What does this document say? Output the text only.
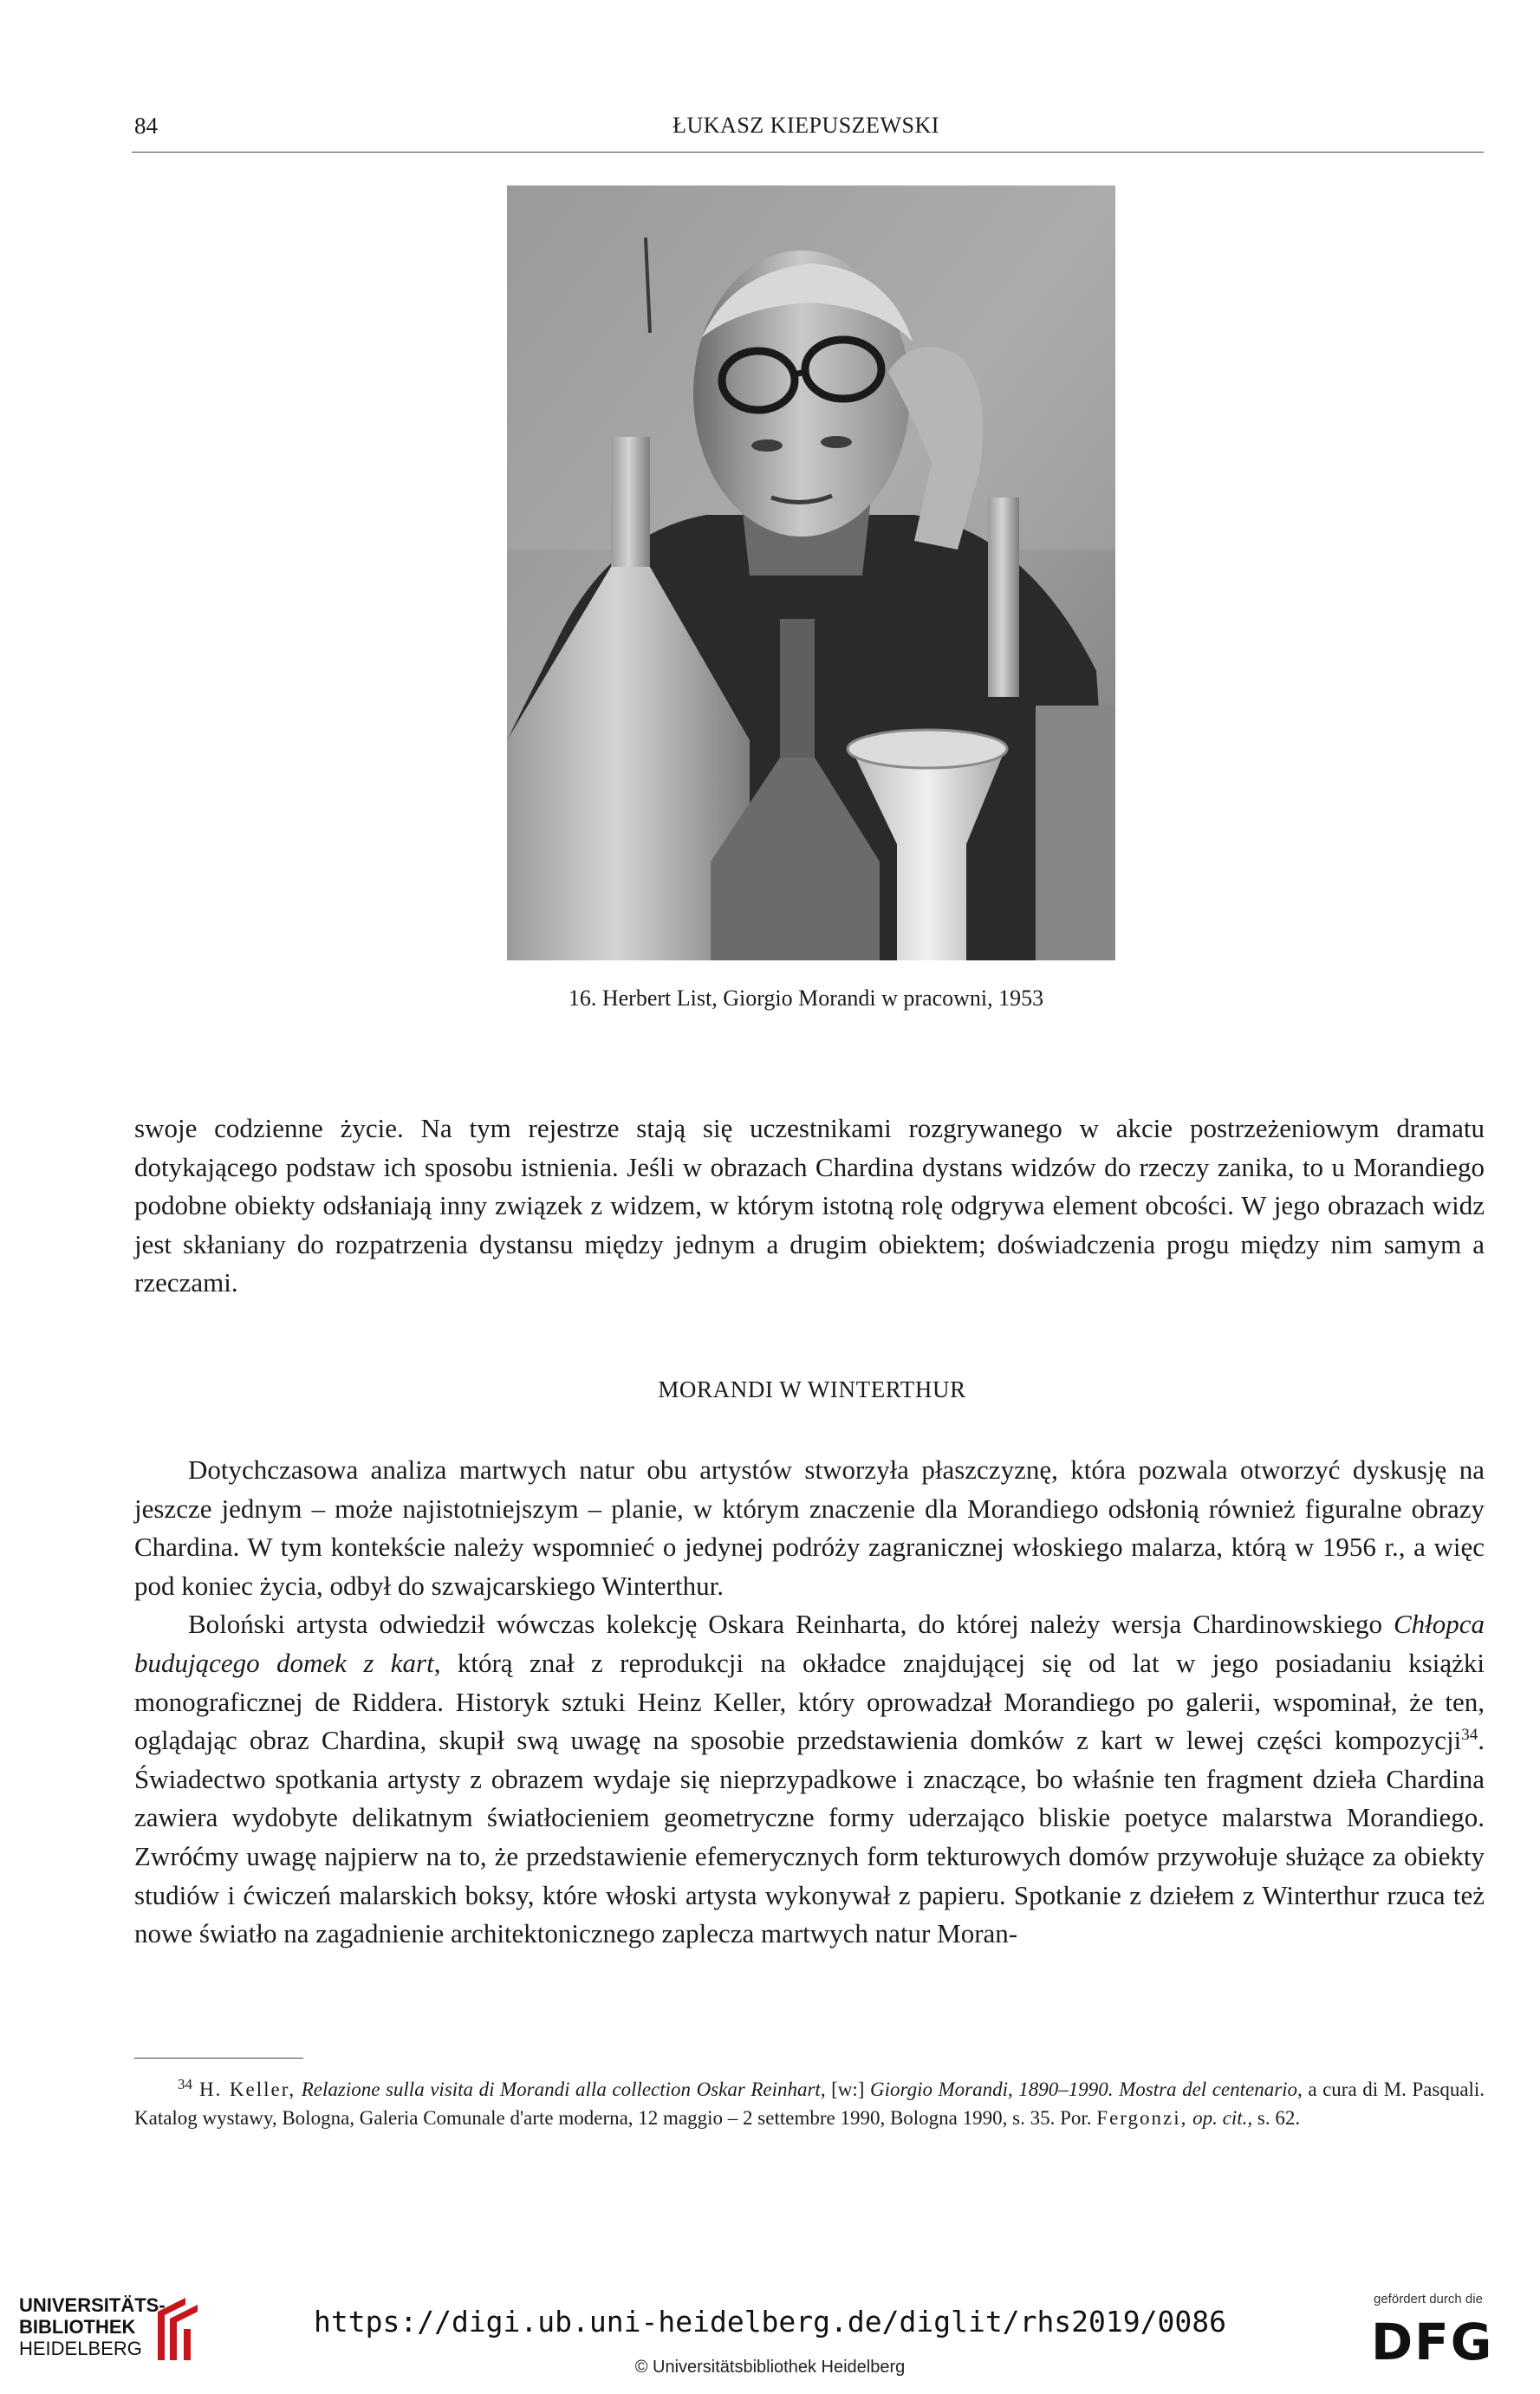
84	ŁUKASZ KIEPUSZEWSKI
16. Herbert List, Giorgio Morandi w pracowni, 1953

swoje codzienne życie. Na tym rejestrze stają się uczestnikami rozgrywanego w akcie postrzeżeniowym dramatu dotykającego podstaw ich sposobu istnienia. Jeśli w obrazach Chardina dystans widzów do rzeczy zanika, to u Morandiego podobne obiekty odsłaniają inny związek z widzem, w którym istotną rolę odgrywa element obcości. W jego obrazach widz jest skłaniany do rozpatrzenia dystansu między jednym a drugim obiektem; doświadczenia progu między nim samym a rzeczami.

MORANDI W WINTERTHUR

Dotychczasowa analiza martwych natur obu artystów stworzyła płaszczyznę, która pozwala otworzyć dyskusję na jeszcze jednym – może najistotniejszym – planie, w którym znaczenie dla Morandiego odsłonią również figuralne obrazy Chardina. W tym kontekście należy wspomnieć o jedynej podróży zagranicznej włoskiego malarza, którą w 1956 r., a więc pod koniec życia, odbył do szwajcarskiego Winterthur.

Boloński artysta odwiedził wówczas kolekcję Oskara Reinharta, do której należy wersja Chardinowskiego Chłopca budującego domek z kart, którą znał z reprodukcji na okładce znajdującej się od lat w jego posiadaniu książki monograficznej de Riddera. Historyk sztuki Heinz Keller, który oprowadzał Morandiego po galerii, wspominał, że ten, oglądając obraz Chardina, skupił swą uwagę na sposobie przedstawienia domków z kart w lewej części kompozycji$^{34}$. Świadectwo spotkania artysty z obrazem wydaje się nieprzypadkowe i znaczące, bo właśnie ten fragment dzieła Chardina zawiera wydobyte delikatnym światłocieniem geometryczne formy uderzająco bliskie poetyce malarstwa Morandiego. Zwróćmy uwagę najpierw na to, że przedstawienie efemerycznych form tekturowych domów przywołuje służące za obiekty studiów i ćwiczeń malarskich boksy, które włoski artysta wykonywał z papieru. Spotkanie z dziełem z Winterthur rzuca też nowe światło na zagadnienie architektonicznego zaplecza martwych natur Moran-

$^{34}$ H. Keller, Relazione sulla visita di Morandi alla collection Oskar Reinhart, [w:] Giorgio Morandi, 1890–1990. Mostra del centenario, a cura di M. Pasquali. Katalog wystawy, Bologna, Galeria Comunale d'arte moderna, 12 maggio – 2 settembre 1990, Bologna 1990, s. 35. Por. Fergonzi, op. cit., s. 62.
UNIVERSITÄTS-
BIBLIOTHEK
HEIDELBERG
https://digi.ub.uni-heidelberg.de/diglit/rhs2019/0086
© Universitätsbibliothek Heidelberg
gefördert durch die
DFG
